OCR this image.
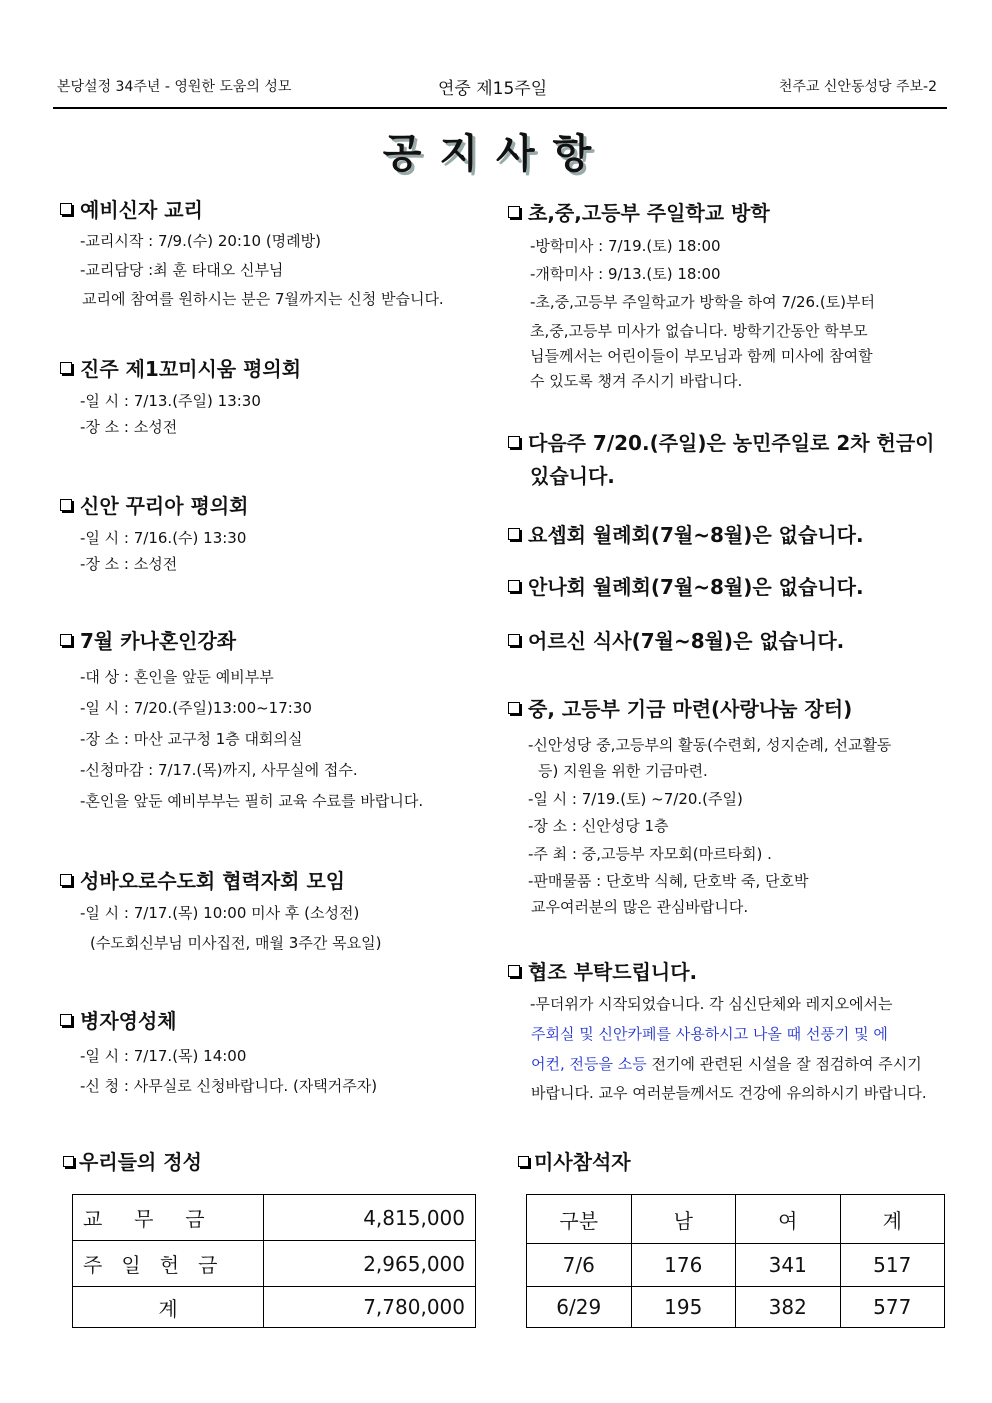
본당설정 34주년 - 영원한 도움의 성모	연중 제15주일	천주교 신안동성당 주보-2
공지사항
예비신자 교리
-교리시작 : 7/9.(수) 20:10 (명례방)
-교리담당 :최 훈 타대오 신부님
교리에 참여를 원하시는 분은 7월까지는 신청 받습니다.
진주 제1꼬미시움 평의회
-일 시 : 7/13.(주일) 13:30
-장 소 : 소성전
신안 꾸리아 평의회
-일 시 : 7/16.(수) 13:30
-장 소 : 소성전
7월 카나혼인강좌
-대 상 : 혼인을 앞둔 예비부부
-일 시 : 7/20.(주일)13:00~17:30
-장 소 : 마산 교구청 1층 대회의실
-신청마감 : 7/17.(목)까지, 사무실에 접수.
-혼인을 앞둔 예비부부는 필히 교육 수료를 바랍니다.
성바오로수도회 협력자회 모임
-일 시 : 7/17.(목) 10:00 미사 후 (소성전)
(수도회신부님 미사집전, 매월 3주간 목요일)
병자영성체
-일 시 : 7/17.(목) 14:00
-신 청 : 사무실로 신청바랍니다. (자택거주자)
초,중,고등부 주일학교 방학
-방학미사 : 7/19.(토) 18:00
-개학미사 : 9/13.(토) 18:00
-초,중,고등부 주일학교가 방학을 하여 7/26.(토)부터
초,중,고등부 미사가 없습니다. 방학기간동안 학부모
님들께서는 어린이들이 부모님과 함께 미사에 참여할
수 있도록 챙겨 주시기 바랍니다.
다음주 7/20.(주일)은 농민주일로 2차 헌금이
있습니다.
요셉회 월례회(7월~8월)은 없습니다.
안나회 월례회(7월~8월)은 없습니다.
어르신 식사(7월~8월)은 없습니다.
중, 고등부 기금 마련(사랑나눔 장터)
-신안성당 중,고등부의 활동(수련회, 성지순례, 선교활동
등) 지원을 위한 기금마련.
-일 시 : 7/19.(토) ~7/20.(주일)
-장 소 : 신안성당 1층
-주 최 : 중,고등부 자모회(마르타회) .
-판매물품 : 단호박 식혜, 단호박 죽, 단호박
교우여러분의 많은 관심바랍니다.
협조 부탁드립니다.
-무더위가 시작되었습니다. 각 심신단체와 레지오에서는
주회실 및 신안카페를 사용하시고 나올 때 선풍기 및 에
어컨, 전등을 소등 전기에 관련된 시설을 잘 점검하여 주시기
바랍니다. 교우 여러분들께서도 건강에 유의하시기 바랍니다.
우리들의 정성	미사참석자
교     무     금	4,815,000
주   일   헌   금	2,965,000
계	7,780,000
구분	남	여	계
7/6	176	341	517
6/29	195	382	577
